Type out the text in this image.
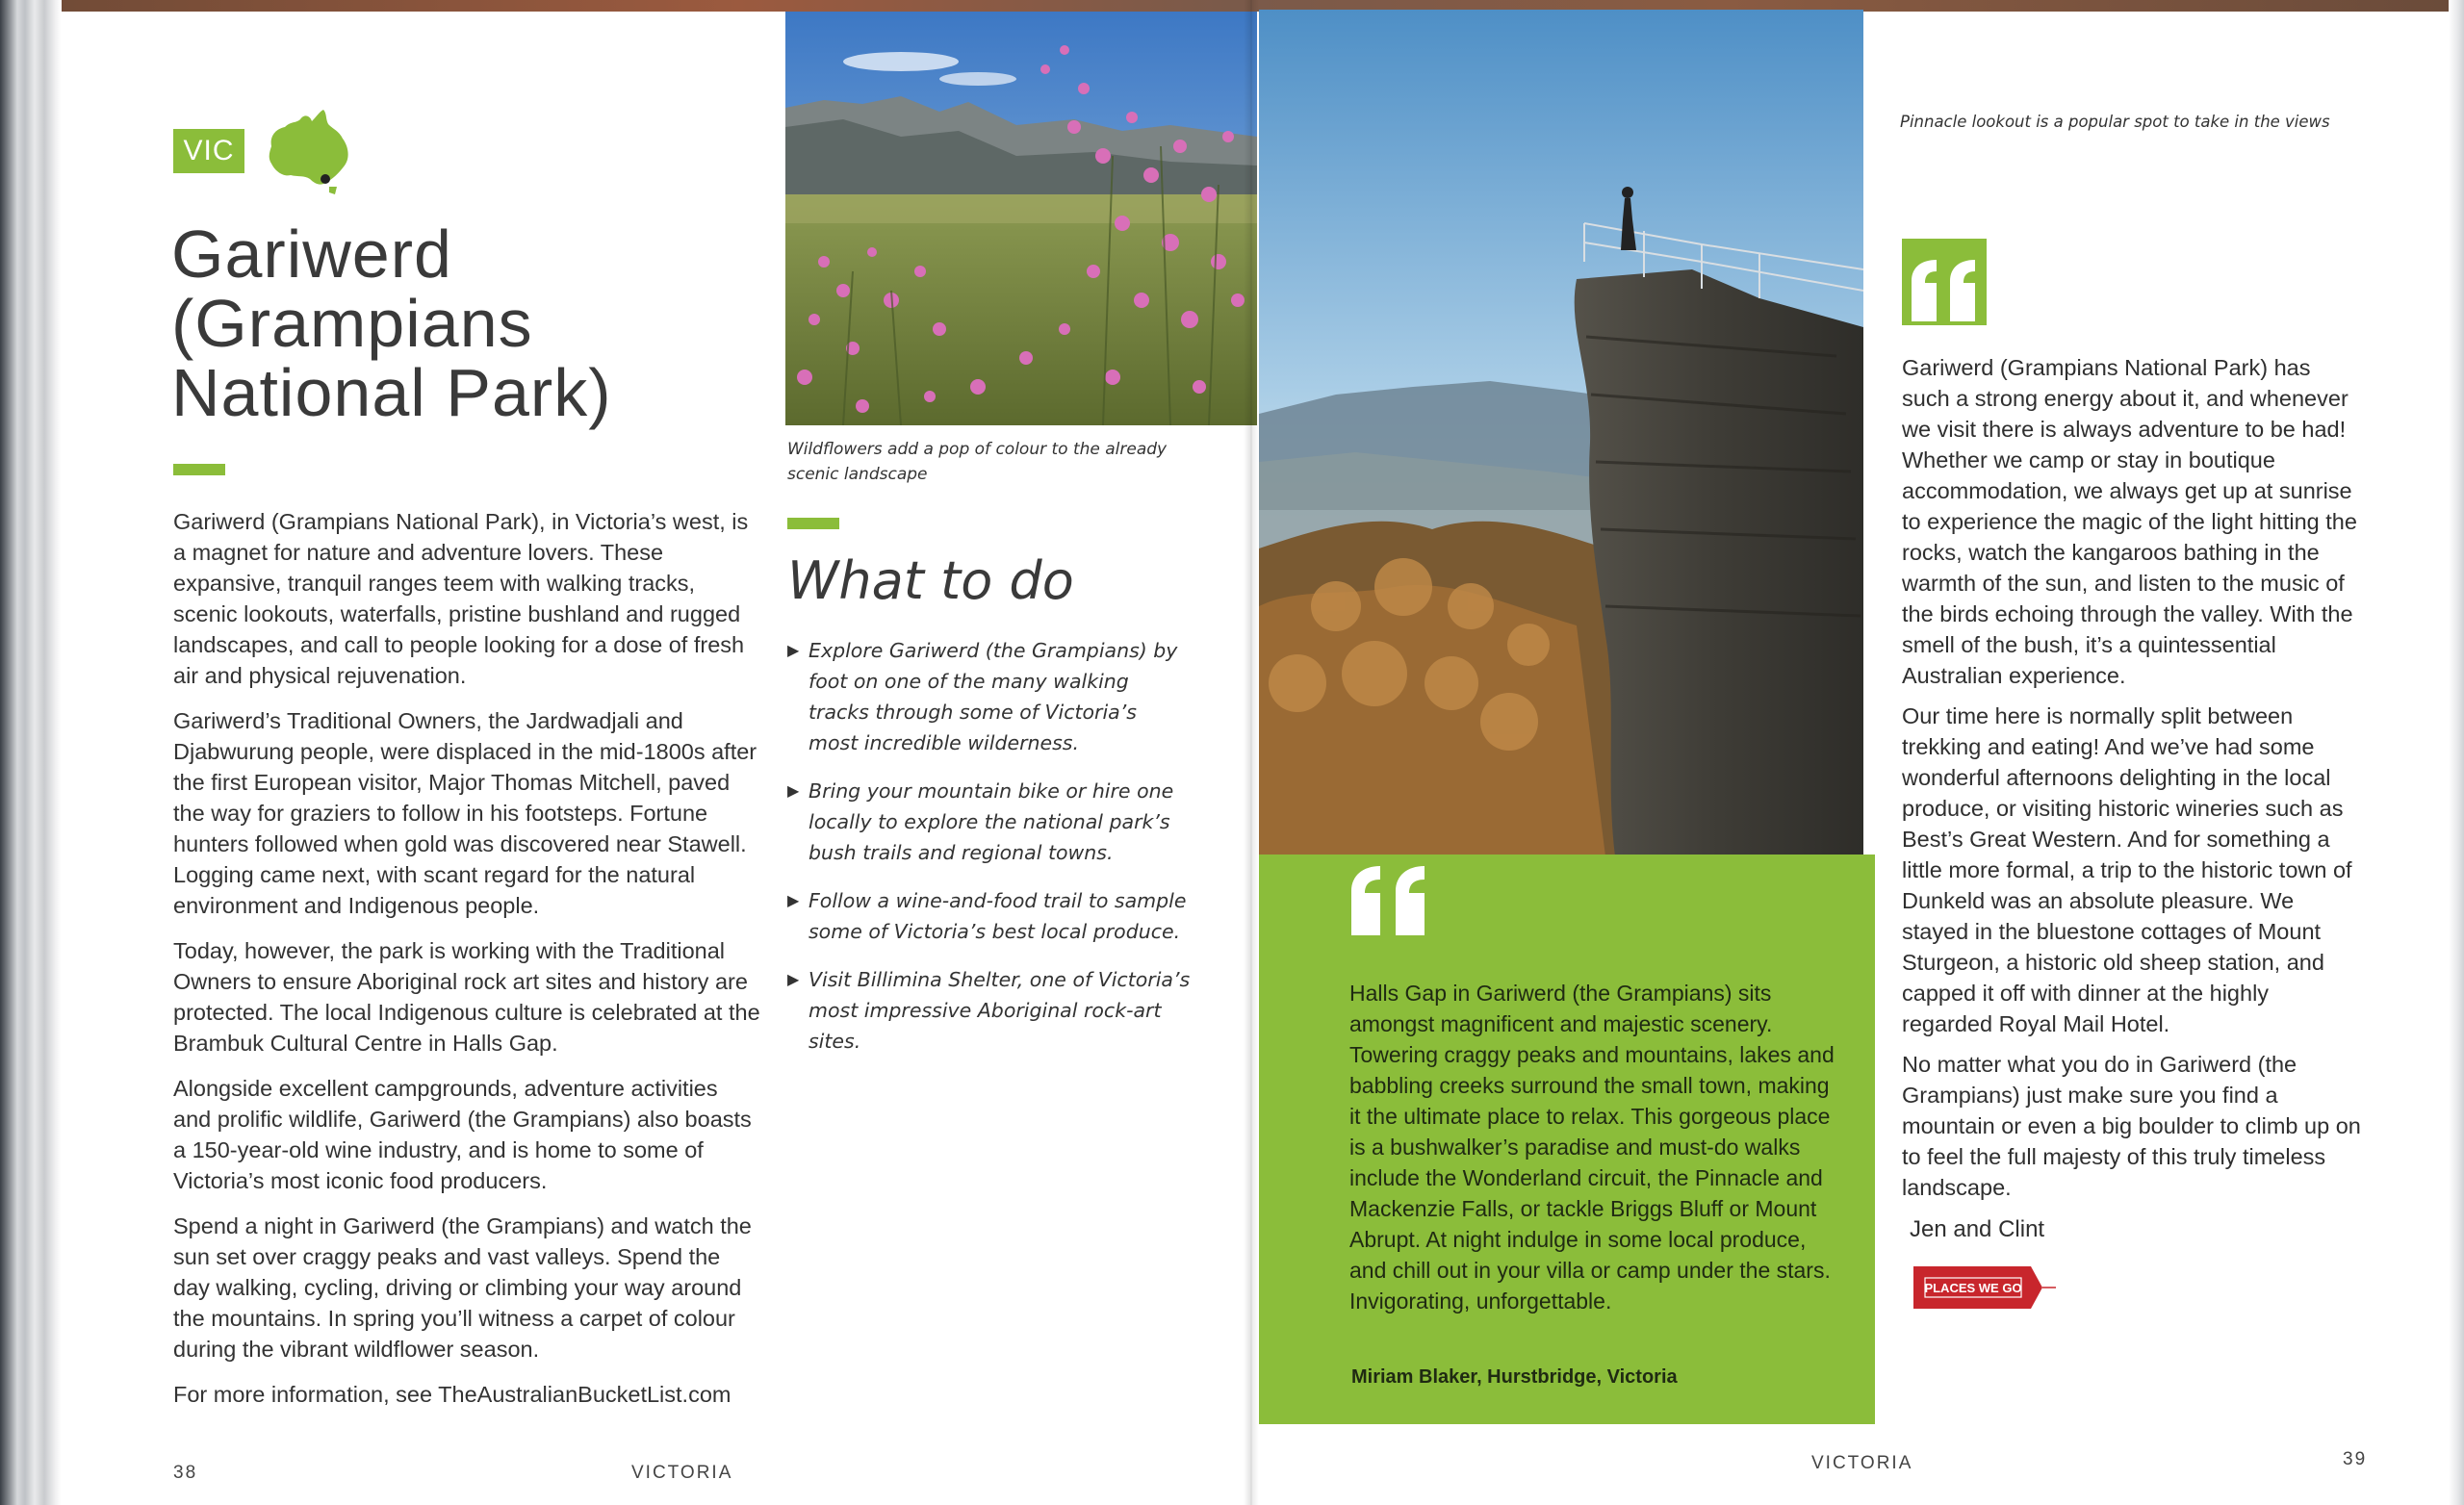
VIC
Gariwerd
(Grampians
National Park)

Gariwerd (Grampians National Park), in Victoria’s west, is a magnet for nature and adventure lovers. These expansive, tranquil ranges teem with walking tracks, scenic lookouts, waterfalls, pristine bushland and rugged landscapes, and call to people looking for a dose of fresh air and physical rejuvenation.

Gariwerd’s Traditional Owners, the Jardwadjali and Djabwurung people, were displaced in the mid-1800s after the first European visitor, Major Thomas Mitchell, paved the way for graziers to follow in his footsteps. Fortune hunters followed when gold was discovered near Stawell. Logging came next, with scant regard for the natural environment and Indigenous people.

Today, however, the park is working with the Traditional Owners to ensure Aboriginal rock art sites and history are protected. The local Indigenous culture is celebrated at the Brambuk Cultural Centre in Halls Gap.

Alongside excellent campgrounds, adventure activities and prolific wildlife, Gariwerd (the Grampians) also boasts a 150-year-old wine industry, and is home to some of Victoria’s most iconic food producers.

Spend a night in Gariwerd (the Grampians) and watch the sun set over craggy peaks and vast valleys. Spend the day walking, cycling, driving or climbing your way around the mountains. In spring you’ll witness a carpet of colour during the vibrant wildflower season.

For more information, see TheAustralianBucketList.com

38	VICTORIA
Wildflowers add a pop of colour to the already scenic landscape
What to do
▶ Explore Gariwerd (the Grampians) by foot on one of the many walking tracks through some of Victoria’s most incredible wilderness.
▶ Bring your mountain bike or hire one locally to explore the national park’s bush trails and regional towns.
▶ Follow a wine-and-food trail to sample some of Victoria’s best local produce.
▶ Visit Billimina Shelter, one of Victoria’s most impressive Aboriginal rock-art sites.

Halls Gap in Gariwerd (the Grampians) sits amongst magnificent and majestic scenery. Towering craggy peaks and mountains, lakes and babbling creeks surround the small town, making it the ultimate place to relax. This gorgeous place is a bushwalker’s paradise and must-do walks include the Wonderland circuit, the Pinnacle and Mackenzie Falls, or tackle Briggs Bluff or Mount Abrupt. At night indulge in some local produce, and chill out in your villa or camp under the stars. Invigorating, unforgettable.

Miriam Blaker, Hurstbridge, Victoria
Pinnacle lookout is a popular spot to take in the views

Gariwerd (Grampians National Park) has such a strong energy about it, and whenever we visit there is always adventure to be had! Whether we camp or stay in boutique accommodation, we always get up at sunrise to experience the magic of the light hitting the rocks, watch the kangaroos bathing in the warmth of the sun, and listen to the music of the birds echoing through the valley. With the smell of the bush, it’s a quintessential Australian experience.

Our time here is normally split between trekking and eating! And we’ve had some wonderful afternoons delighting in the local produce, or visiting historic wineries such as Best’s Great Western. And for something a little more formal, a trip to the historic town of Dunkeld was an absolute pleasure. We stayed in the bluestone cottages of Mount Sturgeon, a historic old sheep station, and capped it off with dinner at the highly regarded Royal Mail Hotel.

No matter what you do in Gariwerd (the Grampians) just make sure you find a mountain or even a big boulder to climb up on to feel the full majesty of this truly timeless landscape.

Jen and Clint
PLACES WE GO
VICTORIA	39
